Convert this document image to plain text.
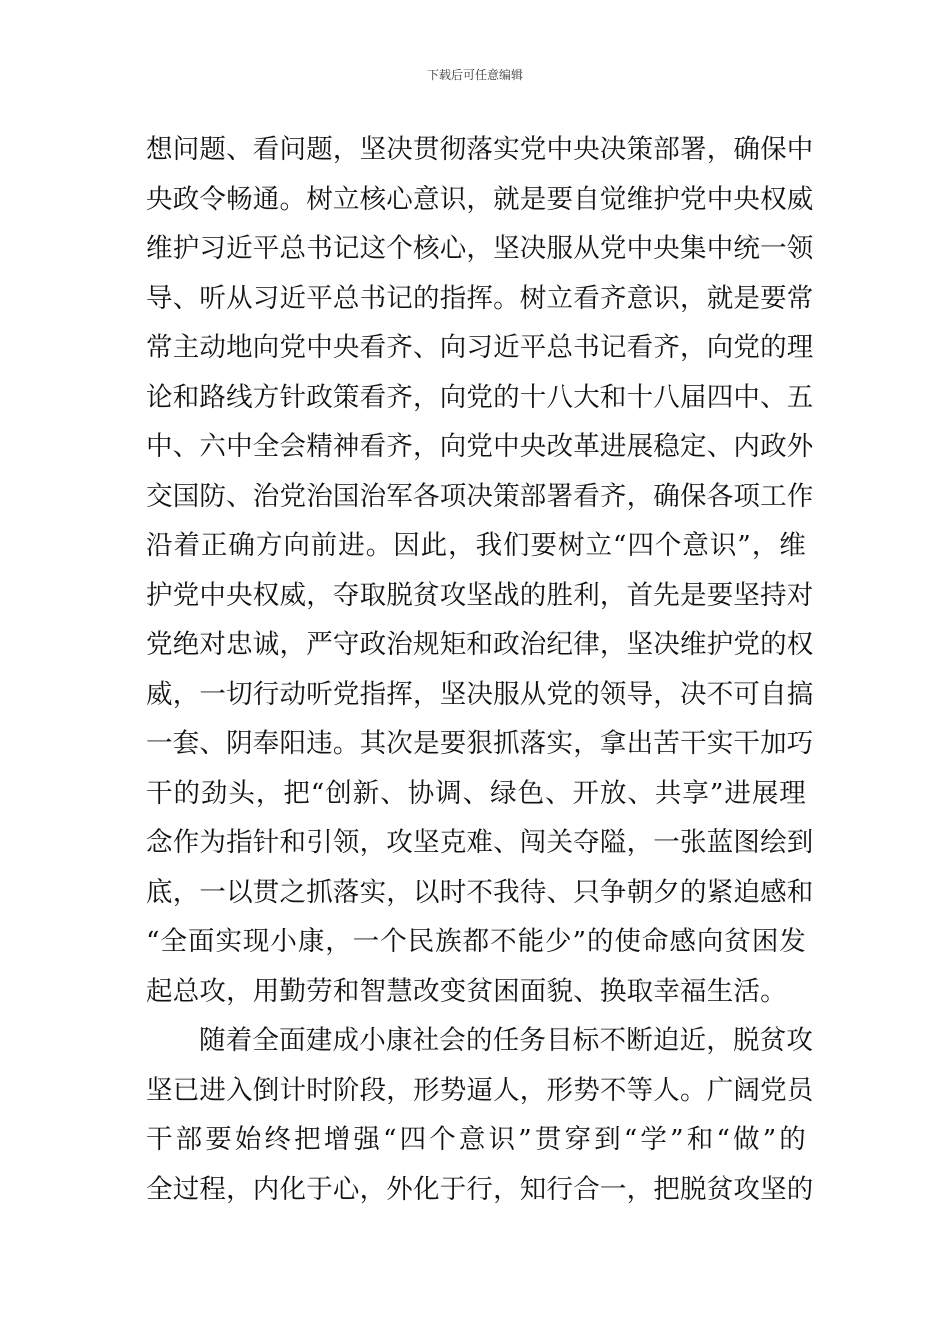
下载后可任意编辑
想问题、看问题，坚决贯彻落实党中央决策部署，确保中
央政令畅通。树立核心意识，就是要自觉维护党中央权威
维护习近平总书记这个核心，坚决服从党中央集中统一领
导、听从习近平总书记的指挥。树立看齐意识，就是要常
常主动地向党中央看齐、向习近平总书记看齐，向党的理
论和路线方针政策看齐，向党的十八大和十八届四中、五
中、六中全会精神看齐，向党中央改革进展稳定、内政外
交国防、治党治国治军各项决策部署看齐，确保各项工作
沿着正确方向前进。因此，我们要树立“四个意识”，维
护党中央权威，夺取脱贫攻坚战的胜利，首先是要坚持对
党绝对忠诚，严守政治规矩和政治纪律，坚决维护党的权
威，一切行动听党指挥，坚决服从党的领导，决不可自搞
一套、阴奉阳违。其次是要狠抓落实，拿出苦干实干加巧
干的劲头，把“创新、协调、绿色、开放、共享”进展理
念作为指针和引领，攻坚克难、闯关夺隘，一张蓝图绘到
底，一以贯之抓落实，以时不我待、只争朝夕的紧迫感和
“全面实现小康，一个民族都不能少”的使命感向贫困发
起总攻，用勤劳和智慧改变贫困面貌、换取幸福生活。
随着全面建成小康社会的任务目标不断迫近，脱贫攻
坚已进入倒计时阶段，形势逼人，形势不等人。广阔党员
干部要始终把增强“四个意识”贯穿到“学”和“做”的
全过程，内化于心，外化于行，知行合一，把脱贫攻坚的
